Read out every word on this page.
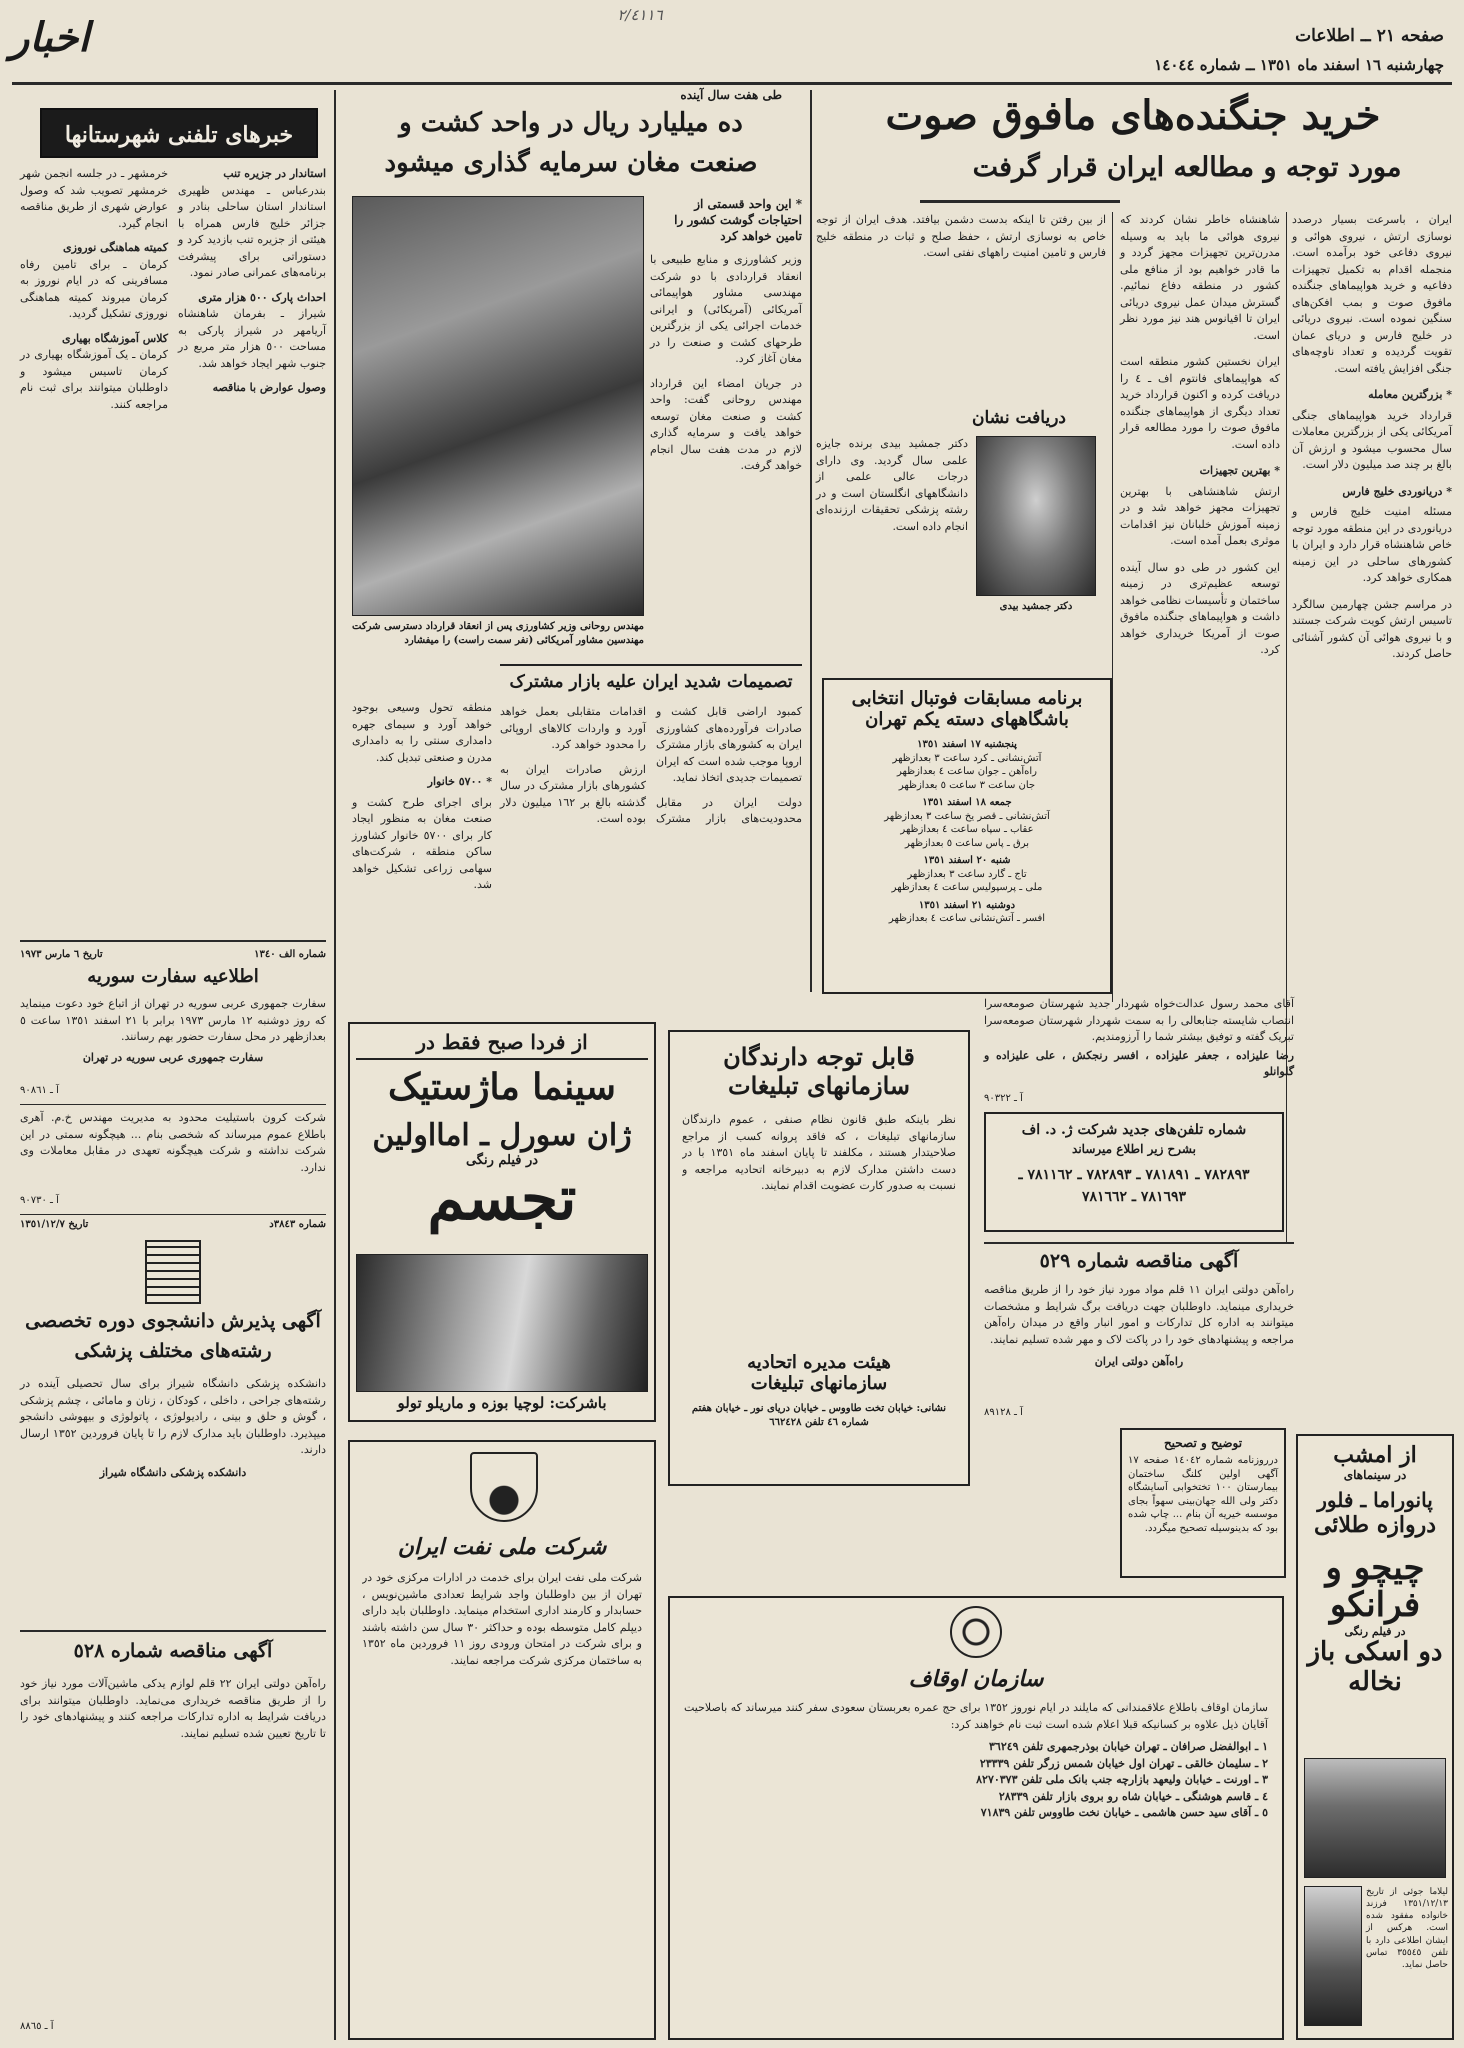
٢/٤١١٦
اخبار	صفحه ٢١ ــ اطلاعات
چهارشنبه ١٦ اسفند ماه ١٣٥١ ــ شماره ١٤٠٤٤
خرید جنگنده‌های مافوق صوت
مورد توجه و مطالعه ایران قرار گرفت
ایران ، باسرعت بسیار درصدد نوسازی ارتش ، نیروی هوائی و نیروی دفاعی خود برآمده است. منجمله اقدام به تکمیل تجهیزات دفاعیه و خرید هواپیماهای جنگنده مافوق صوت و بمب افکن‌های سنگین نموده است. نیروی دریائی در خلیج فارس و دریای عمان تقویت گردیده و تعداد ناوچه‌های جنگی افزایش یافته است.
* بزرگترین معامله
قرارداد خرید هواپیماهای جنگی آمریکائی یکی از بزرگترین معاملات سال محسوب میشود و ارزش آن بالغ بر چند صد میلیون دلار است.
* دریانوردی خلیج فارس
مسئله امنیت خلیج فارس و دریانوردی در این منطقه مورد توجه خاص شاهنشاه قرار دارد و ایران با کشورهای ساحلی در این زمینه همکاری خواهد کرد.

در مراسم جشن چهارمین سالگرد تاسیس ارتش کویت شرکت جستند و با نیروی هوائی آن کشور آشنائی حاصل کردند.

شاهنشاه خاطر نشان کردند که نیروی هوائی ما باید به وسیله مدرن‌ترین تجهیزات مجهز گردد و ما قادر خواهیم بود از منافع ملی کشور در منطقه دفاع نمائیم. گسترش میدان عمل نیروی دریائی ایران تا اقیانوس هند نیز مورد نظر است.

ایران نخستین کشور منطقه است که هواپیماهای فانتوم اف ـ ٤ را دریافت کرده و اکنون قرارداد خرید تعداد دیگری از هواپیماهای جنگنده مافوق صوت را مورد مطالعه قرار داده است.

* بهترین تجهیزات
ارتش شاهنشاهی با بهترین تجهیزات مجهز خواهد شد و در زمینه آموزش خلبانان نیز اقدامات موثری بعمل آمده است.

این کشور در طی دو سال آینده توسعه عظیم‌تری در زمینه ساختمان و تأسیسات نظامی خواهد داشت و هواپیماهای جنگنده مافوق صوت از آمریکا خریداری خواهد کرد.

از بین رفتن تا اینکه بدست دشمن بیافتد. هدف ایران از توجه خاص به نوسازی ارتش ، حفظ صلح و ثبات در منطقه خلیج فارس و تامین امنیت راههای نفتی است.
دریافت نشان
دکتر جمشید بیدی برنده جایزه علمی سال گردید. وی دارای درجات عالی علمی از دانشگاههای انگلستان است و در رشته پزشکی تحقیقات ارزنده‌ای انجام داده است.
دکتر جمشید بیدی
برنامه مسابقات فوتبال انتخابی
باشگاههای دسته یکم تهران
پنجشنبه ١٧ اسفند ١٣٥١
آتش‌نشانی ـ کرد ساعت ٣ بعدازظهر
راه‌آهن ـ جوان ساعت ٤ بعدازظهر
جان ساعت ٣ ساعت ٥ بعدازظهر
جمعه ١٨ اسفند ١٣٥١
آتش‌نشانی ـ قصر یخ ساعت ٣ بعدازظهر
عقاب ـ سپاه ساعت ٤ بعدازظهر
برق ـ پاس ساعت ٥ بعدازظهر
شنبه ٢٠ اسفند ١٣٥١
تاج ـ گارد ساعت ٣ بعدازظهر
ملی ـ پرسپولیس ساعت ٤ بعدازظهر
دوشنبه ٢١ اسفند ١٣٥١
افسر ـ آتش‌نشانی ساعت ٤ بعدازظهر
طی هفت سال آینده
ده میلیارد ریال در واحد کشت و
صنعت مغان سرمایه گذاری میشود
مهندس روحانی وزیر کشاورزی پس از انعقاد قرارداد دسترسی شرکت مهندسین مشاور آمریکائی (نفر سمت راست) را میفشارد
* این واحد قسمتی از احتیاجات گوشت کشور را تامین خواهد کرد
وزیر کشاورزی و منابع طبیعی با انعقاد قراردادی با دو شرکت مهندسی مشاور هواپیمائی آمریکائی (آمریکائی) و ایرانی خدمات اجرائی یکی از بزرگترین طرحهای کشت و صنعت را در مغان آغاز کرد.

در جریان امضاء این قرارداد مهندس روحانی گفت: واحد کشت و صنعت مغان توسعه خواهد یافت و سرمایه گذاری لازم در مدت هفت سال انجام خواهد گرفت.

منطقه تحول وسیعی بوجود خواهد آورد و سیمای جهره دامداری سنتی را به دامداری مدرن و صنعتی تبدیل کند.
* ٥٧٠٠ خانوار
برای اجرای طرح کشت و صنعت مغان به منظور ایجاد کار برای ٥٧٠٠ خانوار کشاورز ساکن منطقه ، شرکت‌های سهامی زراعی تشکیل خواهد شد.
تصمیمات شدید ایران علیه بازار مشترک
کمبود اراضی قابل کشت و صادرات فرآورده‌های کشاورزی ایران به کشورهای بازار مشترک اروپا موجب شده است که ایران تصمیمات جدیدی اتخاذ نماید.

دولت ایران در مقابل محدودیت‌های بازار مشترک اقدامات متقابلی بعمل خواهد آورد و واردات کالاهای اروپائی را محدود خواهد کرد.

ارزش صادرات ایران به کشورهای بازار مشترک در سال گذشته بالغ بر ١٦٢ میلیون دلار بوده است.

خبرهای تلفنی شهرستانها
استاندار در جزیره تنب
بندرعباس ـ مهندس ظهیری استاندار استان ساحلی بنادر و جزائر خلیج فارس همراه با هیئتی از جزیره تنب بازدید کرد و دستوراتی برای پیشرفت برنامه‌های عمرانی صادر نمود.
احداث پارک ٥٠٠ هزار متری
شیراز ـ بفرمان شاهنشاه آریامهر در شیراز پارکی به مساحت ٥٠٠ هزار متر مربع در جنوب شهر ایجاد خواهد شد.
وصول عوارض با مناقصه
خرمشهر ـ در جلسه انجمن شهر خرمشهر تصویب شد که وصول عوارض شهری از طریق مناقصه انجام گیرد.
کمیته هماهنگی نوروزی
کرمان ـ برای تامین رفاه مسافرینی که در ایام نوروز به کرمان میروند کمیته هماهنگی نوروزی تشکیل گردید.
کلاس آموزشگاه بهیاری
کرمان ـ یک آموزشگاه بهیاری در کرمان تاسیس میشود و داوطلبان میتوانند برای ثبت نام مراجعه کنند.
شماره الف ١٣٤٠
تاریخ ٦ مارس ١٩٧٣
اطلاعیه سفارت سوریه
سفارت جمهوری عربی سوریه در تهران از اتباع خود دعوت مینماید که روز دوشنبه ١٢ مارس ١٩٧٣ برابر با ٢١ اسفند ١٣٥١ ساعت ٥ بعدازظهر در محل سفارت حضور بهم رسانند.
سفارت جمهوری عربی سوریه در تهران
آ ـ ٩٠٨٦١
شرکت کرون باستیلیت محدود به مدیریت مهندس خ.م. آهری باطلاع عموم میرساند که شخصی بنام ... هیچگونه سمتی در این شرکت نداشته و شرکت هیچگونه تعهدی در مقابل معاملات وی ندارد.
آ ـ ٩٠٧٣٠
شماره ٣٨٤٣د
تاریخ ١٣٥١/١٢/٧
آگهی پذیرش دانشجوی دوره تخصصی
رشته‌های مختلف پزشکی
دانشکده پزشکی دانشگاه شیراز برای سال تحصیلی آینده در رشته‌های جراحی ، داخلی ، کودکان ، زنان و مامائی ، چشم پزشکی ، گوش و حلق و بینی ، رادیولوژی ، پاتولوژی و بیهوشی دانشجو میپذیرد. داوطلبان باید مدارک لازم را تا پایان فروردین ١٣٥٢ ارسال دارند.
دانشکده پزشکی دانشگاه شیراز
آگهی مناقصه شماره ٥٢٨
راه‌آهن دولتی ایران ٢٢ قلم لوازم یدکی ماشین‌آلات مورد نیاز خود را از طریق مناقصه خریداری می‌نماید. داوطلبان میتوانند برای دریافت شرایط به اداره تدارکات مراجعه کنند و پیشنهادهای خود را تا تاریخ تعیین شده تسلیم نمایند.
آ ـ ٨٨٦٥
از فردا صبح فقط در
سینما ماژستیک
ژان سورل ـ امااولین
در فیلم رنگی
تجسم
باشرکت: لوچیا بوزه و ماریلو تولو
قابل توجه دارندگان
سازمانهای تبلیغات
نظر باینکه طبق قانون نظام صنفی ، عموم دارندگان سازمانهای تبلیغات ، که فاقد پروانه کسب از مراجع صلاحیتدار هستند ، مکلفند تا پایان اسفند ماه ١٣٥١ با در دست داشتن مدارک لازم به دبیرخانه اتحادیه مراجعه و نسبت به صدور کارت عضویت اقدام نمایند.
هیئت مدیره اتحادیه
سازمانهای تبلیغات
نشانی: خیابان تخت طاووس ـ خیابان دریای نور ـ خیابان هفتم شماره ٤٦ تلفن ٦٦٢٤٢٨
آقای محمد رسول عدالت‌خواه شهردار جدید شهرستان صومعه‌سرا انتصاب شایسته جنابعالی را به سمت شهردار شهرستان صومعه‌سرا تبریک گفته و توفیق بیشتر شما را آرزومندیم.
رضا علیزاده ، جعفر علیزاده ، افسر رنجکش ، علی علیزاده و گلوانلو
آ ـ ٩٠٣٢٢
شماره تلفن‌های جدید شرکت ژ. د. اف
بشرح زیر اطلاع میرساند
٧٨٢٨٩٣ ـ ٧٨١٨٩١ ـ ٧٨٢٨٩٣ ـ ٧٨١١٦٢ ـ ٧٨١٦٩٣ ـ ٧٨١٦٦٢
آگهی مناقصه شماره ٥٢٩
راه‌آهن دولتی ایران ١١ قلم مواد مورد نیاز خود را از طریق مناقصه خریداری مینماید. داوطلبان جهت دریافت برگ شرایط و مشخصات میتوانند به اداره کل تدارکات و امور انبار واقع در میدان راه‌آهن مراجعه و پیشنهادهای خود را در پاکت لاک و مهر شده تسلیم نمایند.
راه‌آهن دولتی ایران
آ ـ ٨٩١٢٨
توضیح و تصحیح
درروزنامه شماره ١٤٠٤٢ صفحه ١٧ آگهی اولین کلنگ ساختمان بیمارستان ١٠٠ تختخوابی آسایشگاه دکتر ولی الله جهان‌بینی سهواً بجای موسسه خیریه آن بنام ... چاپ شده بود که بدینوسیله تصحیح میگردد.
شرکت ملی نفت ایران
شرکت ملی نفت ایران برای خدمت در ادارات مرکزی خود در تهران از بین داوطلبان واجد شرایط تعدادی ماشین‌نویس ، حسابدار و کارمند اداری استخدام مینماید. داوطلبان باید دارای دیپلم کامل متوسطه بوده و حداکثر ٣٠ سال سن داشته باشند و برای شرکت در امتحان ورودی روز ١١ فروردین ماه ١٣٥٢ به ساختمان مرکزی شرکت مراجعه نمایند.
سازمان اوقاف
سازمان اوقاف باطلاع علاقمندانی که مایلند در ایام نوروز ١٣٥٢ برای حج عمره بعربستان سعودی سفر کنند میرساند که باصلاحیت آقایان ذیل علاوه بر کسانیکه قبلا اعلام شده است ثبت نام خواهند کرد:
١ ـ ابوالفضل صرافان ـ تهران خیابان بوذرجمهری تلفن ٣٦٢٤٩
٢ ـ سلیمان خالقی ـ تهران اول خیابان شمس زرگر تلفن ٢٣٣٣٩
٣ ـ اورنت ـ خیابان ولیعهد بازارچه جنب بانک ملی تلفن ٨٢٧٠٣٧٣
٤ ـ قاسم هوشنگی ـ خیابان شاه رو بروی بازار تلفن ٢٨٣٣٩
٥ ـ آقای سید حسن هاشمی ـ خیابان نخت طاووس تلفن ٧١٨٣٩
از امشب
در سینماهای
پانوراما ـ فلور
دروازه طلائی
چیچو و فرانکو
در فیلم رنگی
دو اسکی باز نخاله
لیلاما جوئی از تاریخ ١٣٥١/١٢/١٣ فرزند خانواده مفقود شده است. هرکس از ایشان اطلاعی دارد با تلفن ٣٥٥٤٥ تماس حاصل نماید.
